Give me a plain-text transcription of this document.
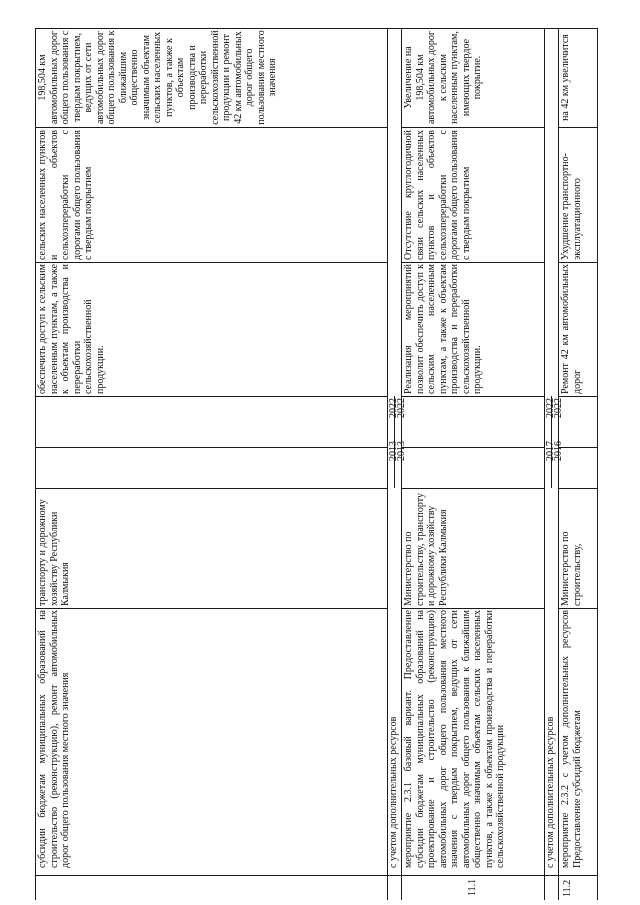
субсидии бюджетам муниципальных образований на строительство (реконструкцию), ремонт автомобильных дорог общего пользования местного значения
транспорту и дорожному хозяйству Республики Калмыкия
обеспечить доступ к сельским населенным пунктам, а также к объектам производства и переработки сельскохозяйственной продукции.
сельских населенных пунктов и объектов сельхозпереработки с дорогами общего пользования с твердым покрытием
198,504 км автомобильных дорог общего пользования с твердым покрытием, ведущих от сети автомобильных дорог общего пользования к ближайшим общественно значимым объектам сельских населенных пунктов, а также к объектам производства и переработки сельскохозяйственной продукции и ремонт 42 км автомобильных дорог общего пользования местного значения
с учетом дополнительных ресурсов
11.1
мероприятие 2.3.1 базовый вариант. Предоставление субсидии бюджетам муниципальных образований на проектирование и строительство (реконструкцию) автомобильных дорог общего пользования местного значения с твердым покрытием, ведущих от сети автомобильных дорог общего пользования к ближайшим общественно значимым объектам сельских населенных пунктов, а также к объектам производства и переработки сельскохозяйственной продукции
Министерство по строительству, транспорту и дорожному хозяйству Республики Калмыкия
2013
2013
2022
2022
Реализация мероприятий позволит обеспечить доступ к сельским населенным пунктам, а также к объектам производства и переработки сельскохозяйственной продукции.
Отсутствие круглогодичной связи сельских населенных пунктов и объектов сельхозпереработки с дорогами общего пользования с твердым покрытием
Увеличение на 198,504 км автомобильных дорог к сельским населенным пунктам, имеющих твердое покрытие.
с учетом дополнительных ресурсов
11.2
мероприятие 2.3.2 с учетом дополнительных ресурсов Предоставление субсидий бюджетам
Министерство по строительству,
2017
2016
2022
2022
Ремонт 42 км автомобильных дорог
Ухудшение транспортно-эксплуатационного
на 42 км увеличится
